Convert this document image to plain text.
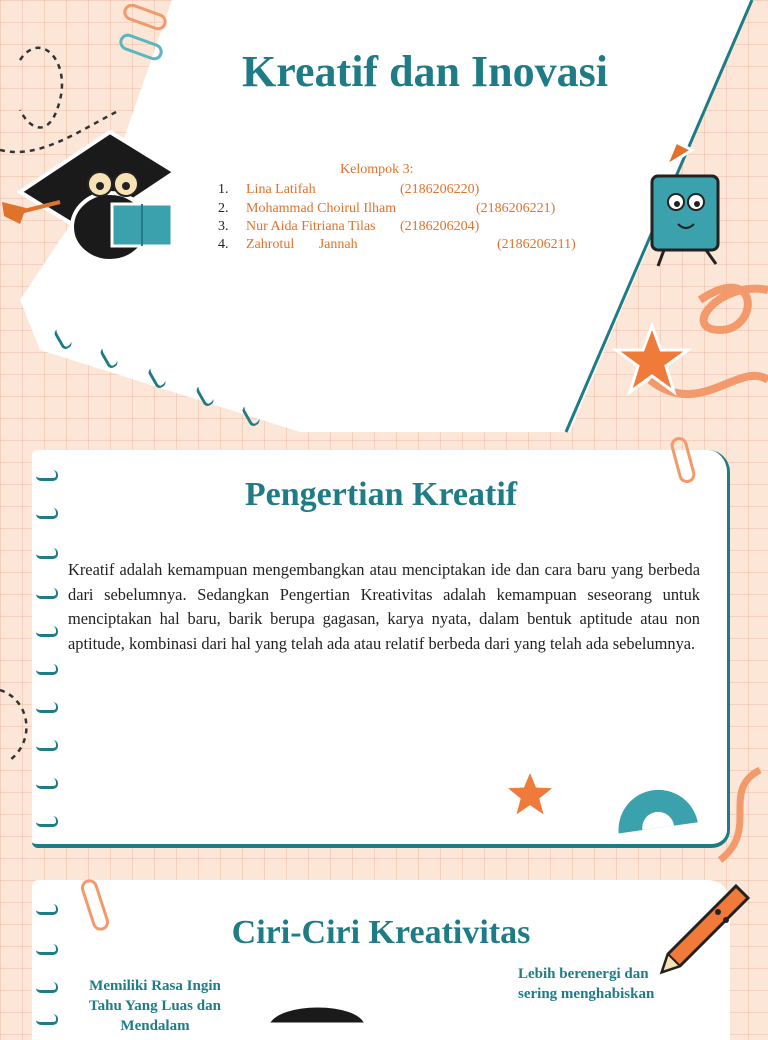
Kreatif dan Inovasi
Kelompok 3:
1. Lina Latifah	(2186206220)
2. Mohammad Choirul Ilham	(2186206221)
3. Nur Aida Fitriana Tilas (2186206204)
4. Zahrotul       Jannah	(2186206211)
Pengertian Kreatif
Kreatif adalah kemampuan mengembangkan atau menciptakan ide dan cara baru yang berbeda dari sebelumnya. Sedangkan Pengertian Kreativitas adalah kemampuan seseorang untuk menciptakan hal baru, barik berupa gagasan, karya nyata, dalam bentuk aptitude atau non aptitude, kombinasi dari hal yang telah ada atau relatif berbeda dari yang telah ada sebelumnya.
Ciri-Ciri Kreativitas
Memiliki Rasa Ingin Tahu Yang Luas dan Mendalam
Lebih berenergi dan sering menghabiskan
